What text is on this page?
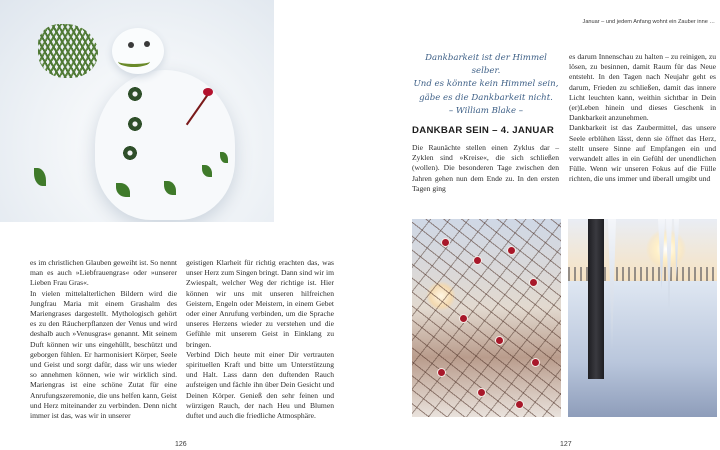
es im christlichen Glauben geweiht ist. So nennt man es auch »Liebfrauengras« oder »unserer Lieben Frau Gras«.

In vielen mittelalterlichen Bildern wird die Jungfrau Maria mit einem Grashalm des Mariengrases dargestellt. Mythologisch gehört es zu den Räucherpflanzen der Venus und wird deshalb auch »Venusgras« genannt. Mit seinem Duft können wir uns eingehüllt, beschützt und geborgen fühlen. Er harmonisiert Körper, Seele und Geist und sorgt dafür, dass wir uns wieder so annehmen können, wie wir wirklich sind. Mariengras ist eine schöne Zutat für eine Anrufungszeremonie, die uns helfen kann, Geist und Herz miteinander zu verbinden. Denn nicht immer ist das, was wir in unserer

geistigen Klarheit für richtig erachten das, was unser Herz zum Singen bringt. Dann sind wir im Zwiespalt, welcher Weg der richtige ist. Hier können wir uns mit unseren hilfreichen Geistern, Engeln oder Meistern, in einem Gebet oder einer Anrufung verbinden, um die Sprache unseres Herzens wieder zu verstehen und die Gefühle mit unserem Geist in Einklang zu bringen.

Verbind Dich heute mit einer Dir vertrauten spirituellen Kraft und bitte um Unterstützung und Halt. Lass dann den duftenden Rauch aufsteigen und fächle ihn über Dein Gesicht und Deinen Körper. Genieß den sehr feinen und würzigen Rauch, der nach Heu und Blumen duftet und auch die friedliche Atmosphäre.

126
Januar – und jedem Anfang wohnt ein Zauber inne …

Dankbarkeit ist der Himmel selber.

Und es könnte kein Himmel sein,

gäbe es die Dankbarkeit nicht.

– William Blake –

DANKBAR SEIN – 4. JANUAR

Die Raunächte stellen einen Zyklus dar – Zyklen sind »Kreise«, die sich schließen (wollen). Die besonderen Tage zwischen den Jahren gehen nun dem Ende zu. In den ersten Tagen ging

es darum Innenschau zu halten – zu reinigen, zu lösen, zu besinnen, damit Raum für das Neue entsteht. In den Tagen nach Neujahr geht es darum, Frieden zu schließen, damit das innere Licht leuchten kann, weithin sichtbar in Dein (er)Leben hinein und dieses Geschenk in Dankbarkeit anzunehmen.

Dankbarkeit ist das Zaubermittel, das unsere Seele erblühen lässt, denn sie öffnet das Herz, stellt unsere Sinne auf Empfangen ein und verwandelt alles in ein Gefühl der unendlichen Fülle. Wenn wir unseren Fokus auf die Fülle richten, die uns immer und überall umgibt und

127
